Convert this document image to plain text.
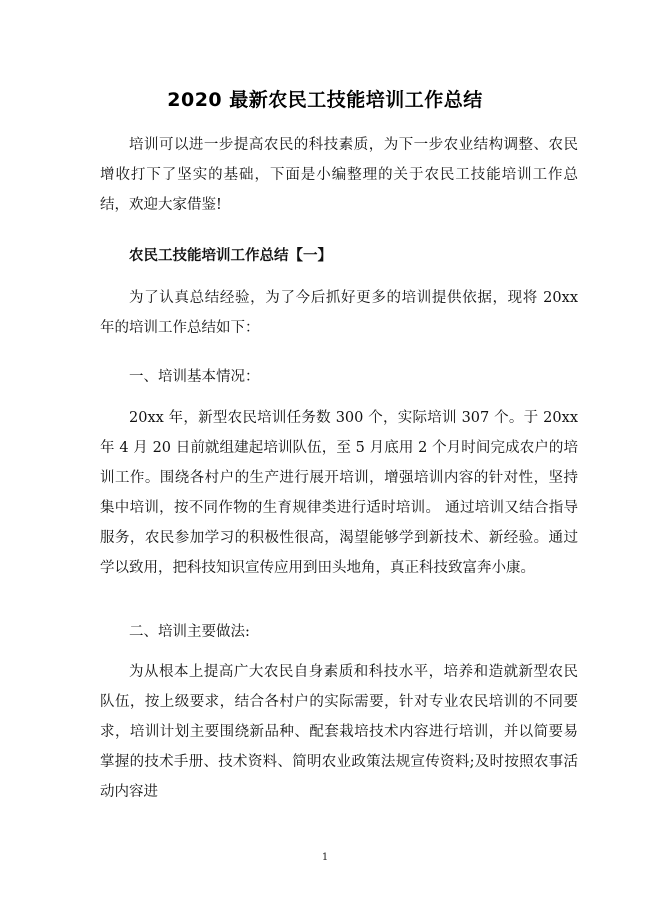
2020 最新农民工技能培训工作总结

培训可以进一步提高农民的科技素质，为下一步农业结构调整、农民增收打下了坚实的基础，下面是小编整理的关于农民工技能培训工作总结，欢迎大家借鉴!

农民工技能培训工作总结【一】

为了认真总结经验，为了今后抓好更多的培训提供依据，现将 20xx 年的培训工作总结如下：

一、培训基本情况：

20xx 年，新型农民培训任务数 300 个，实际培训 307 个。于 20xx 年 4 月 20 日前就组建起培训队伍，至 5 月底用 2 个月时间完成农户的培训工作。围绕各村户的生产进行展开培训，增强培训内容的针对性，坚持集中培训，按不同作物的生育规律类进行适时培训。 通过培训又结合指导服务，农民参加学习的积极性很高，渴望能够学到新技术、新经验。通过学以致用，把科技知识宣传应用到田头地角，真正科技致富奔小康。

二、培训主要做法:

为从根本上提高广大农民自身素质和科技水平，培养和造就新型农民队伍，按上级要求，结合各村户的实际需要，针对专业农民培训的不同要求，培训计划主要围绕新品种、配套栽培技术内容进行培训，并以简要易掌握的技术手册、技术资料、简明农业政策法规宣传资料;及时按照农事活动内容进

1
